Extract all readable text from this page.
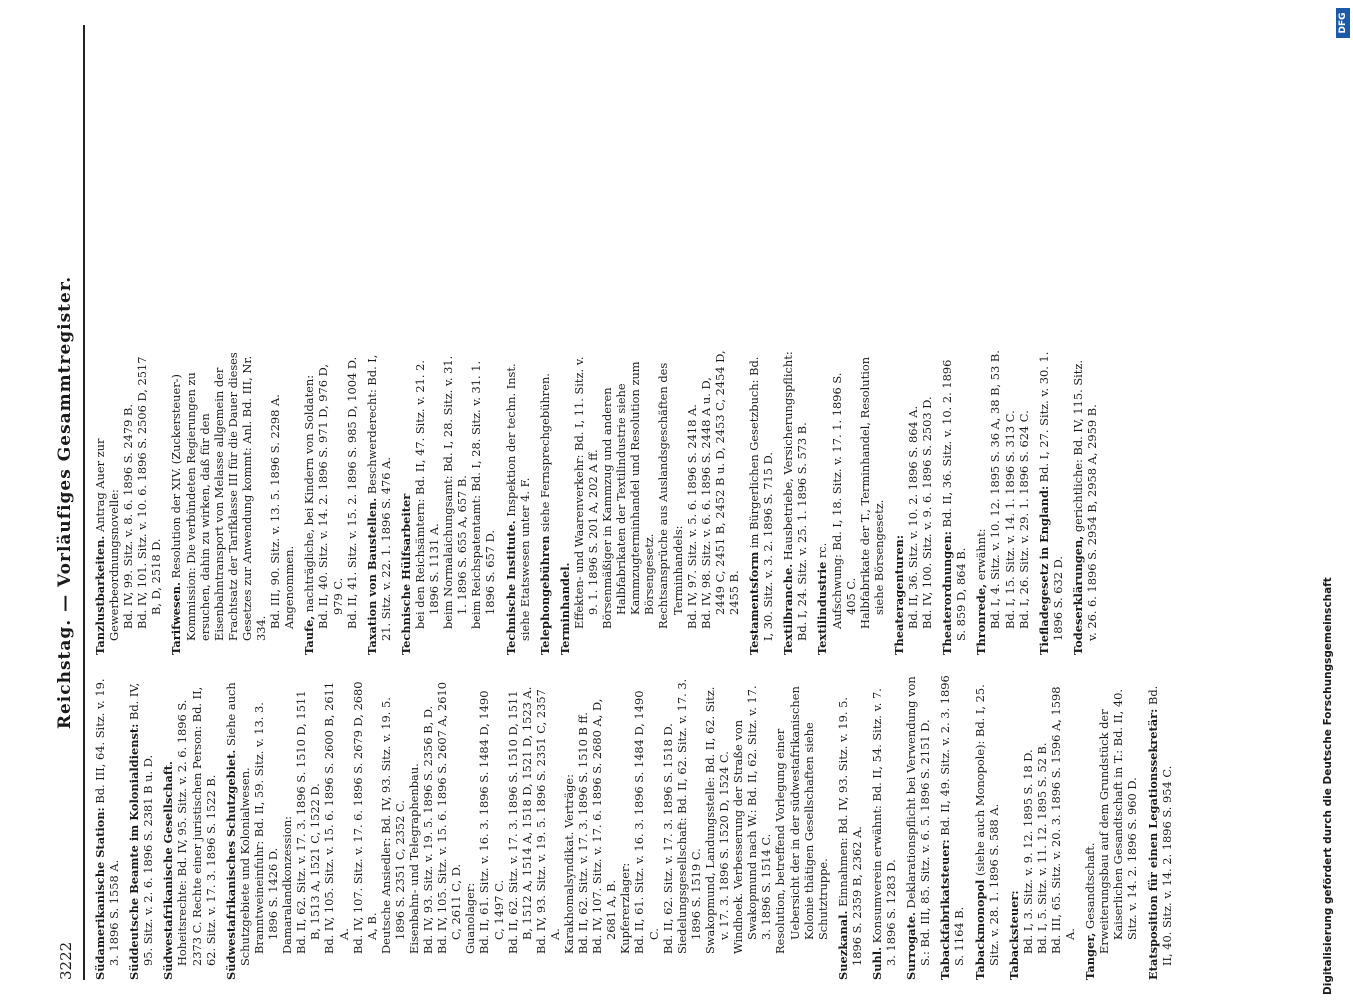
3222
Reichstag. — Vorläufiges Gesammtregister.

Südamerikanische Station: Bd. III, 64. Sitz. v. 19. 3. 1896 S. 1558 A. Süddeutsche Beamte im Kolonialdienst: Bd. IV, 95. Sitz. v. 2. 6. 1896 S. 2381 B u. D. Südwestafrikanische Gesellschaft. Hoheitsrechte: Bd. IV, 95. Sitz. v. 2. 6. 1896 S. 2373 C. Rechte einer juristischen Person: Bd. II, 62. Sitz. v. 17. 3. 1896 S. 1522 B. Südwestafrikanisches Schutzgebiet. Siehe auch Schutzgebiete und Kolonialwesen. Branntweineinfuhr: Bd. II, 59. Sitz. v. 13. 3. 1896 S. 1426 D. Damaralandkonzession: Bd. II, 62. Sitz. v. 17. 3. 1896 S. 1510 D, 1511 B, 1513 A, 1521 C, 1522 D. Bd. IV, 105. Sitz. v. 15. 6. 1896 S. 2600 B, 2611 A. Bd. IV, 107. Sitz. v. 17. 6. 1896 S. 2679 D, 2680 A, B. Deutsche Ansiedler: Bd. IV, 93. Sitz. v. 19. 5. 1896 S. 2351 C, 2352 C. Eisenbahn- und Telegraphenbau. Bd. IV, 93. Sitz. v. 19. 5. 1896 S. 2356 B, D. Bd. IV, 105. Sitz. v. 15. 6. 1896 S. 2607 A, 2610 C, 2611 C, D. Guanolager: Bd. II, 61. Sitz. v. 16. 3. 1896 S. 1484 D, 1490 C, 1497 C. Bd. II, 62. Sitz. v. 17. 3. 1896 S. 1510 D, 1511 B, 1512 A, 1514 A, 1518 D, 1521 D, 1523 A. Bd. IV, 93. Sitz. v. 19. 5. 1896 S. 2351 C, 2357 A. Karakhomalsyndikat. Verträge: Bd. II, 62. Sitz. v. 17. 3. 1896 S. 1510 B ff. Bd. IV, 107. Sitz. v. 17. 6. 1896 S. 2680 A, D, 2681 A, B. Kupfererzlager: Bd. II, 61. Sitz. v. 16. 3. 1896 S. 1484 D, 1490 C. Bd. II, 62. Sitz. v. 17. 3. 1896 S. 1518 D. Siedelungsgesellschaft: Bd. II, 62. Sitz. v. 17. 3. 1896 S. 1519 C. Swakopmund, Landungsstelle: Bd. II, 62. Sitz. v. 17. 3. 1896 S. 1520 D, 1524 C. Windhoek. Verbesserung der Straße von Swakopmund nach W.: Bd. II, 62. Sitz. v. 17. 3. 1896 S. 1514 C. Resolution, betreffend Vorlegung einer Uebersicht der in der südwestafrikanischen Kolonie thätigen Gesellschaften siehe Schutztruppe.

Suezkanal. Einnahmen: Bd. IV, 93. Sitz. v. 19. 5. 1896 S. 2359 B, 2362 A. Suhl. Konsumverein erwähnt: Bd. II, 54. Sitz. v. 7. 3. 1896 S. 1283 D. Surrogate. Deklarationspflicht bei Verwendung von S.: Bd. III, 85. Sitz. v. 6. 5. 1896 S. 2151 D. Tabackfabrikatsteuer: Bd. II, 49. Sitz. v. 2. 3. 1896 S. 1164 B. Tabackmonopol (siehe auch Monopole): Bd. I, 25. Sitz. v. 28. 1. 1896 S. 588 A. Tabacksteuer: Bd. I, 3. Sitz. v. 9. 12. 1895 S. 18 D. Bd. I, 5. Sitz. v. 11. 12. 1895 S. 52 B. Bd. III, 65. Sitz. v. 20. 3. 1896 S. 1596 A, 1598 A. Tanger, Gesandtschaft. Erweiterungsbau auf dem Grundstück der Kaiserlichen Gesandtschaft in T.: Bd. II, 40. Sitz. v. 14. 2. 1896 S. 960 D. Etatsposition für einen Legationssekretär: Bd. II, 40. Sitz. v. 14. 2. 1896 S. 954 C.

Tanzlustbarkeiten. Antrag Auer zur Gewerbeordnungsnovelle: Bd. IV, 99. Sitz. v. 8. 6. 1896 S. 2479 B. Bd. IV, 101. Sitz. v. 10. 6. 1896 S. 2506 D, 2517 B, D, 2518 D.

Tarifwesen. Resolution der XIV. (Zuckersteuer-) Kommission: Die verbündeten Regierungen zu ersuchen, dahin zu wirken, daß für den Eisenbahntransport von Melasse allgemein der Frachtsatz der Tarifklasse III für die Dauer dieses Gesetzes zur Anwendung kommt: Anl. Bd. III, Nr. 334. Bd. III, 90. Sitz. v. 13. 5. 1896 S. 2298 A. Angenommen.

Taufe, nachträgliche, bei Kindern von Soldaten: Bd. II, 40. Sitz. v. 14. 2. 1896 S. 971 D, 976 D, 979 C. Bd. II, 41. Sitz. v. 15. 2. 1896 S. 985 D, 1004 D. Taxation von Baustellen. Beschwerderecht: Bd. I, 21. Sitz. v. 22. 1. 1896 S. 476 A. Technische Hülfsarbeiter bei den Reichsämtern: Bd. II, 47. Sitz. v. 21. 2. 1896 S. 1131 A. beim Normalaichungsamt: Bd. I, 28. Sitz. v. 31. 1. 1896 S. 655 A, 657 B. beim Reichspatentamt: Bd. I, 28. Sitz. v. 31. 1. 1896 S. 657 D. Technische Institute. Inspektion der techn. Inst. siehe Etatswesen unter 4. F. Telephongebühren siehe Fernsprechgebühren.

Terminhandel. Effekten- und Waarenverkehr: Bd. I, 11. Sitz. v. 9. 1. 1896 S. 201 A, 202 A ff. Börsenmäßiger in Kammzug und anderen Halbfabrikaten der Textilindustrie siehe Kammzugterminhandel und Resolution zum Börsengesetz. Rechtsansprüche aus Auslandsgeschäften des Terminhandels: Bd. IV, 97. Sitz. v. 5. 6. 1896 S. 2418 A. Bd. IV, 98. Sitz. v. 6. 6. 1896 S. 2448 A u. D, 2449 C, 2451 B, 2452 B u. D, 2453 C, 2454 D, 2455 B. Testamentsform im Bürgerlichen Gesetzbuch: Bd. I, 30. Sitz. v. 3. 2. 1896 S. 715 D. Textilbranche. Hausbetriebe, Versicherungspflicht: Bd. I, 24. Sitz. v. 25. 1. 1896 S. 573 B. Textilindustrie rc. Aufschwung: Bd. I, 18. Sitz. v. 17. 1. 1896 S. 405 C. Halbfabrikate der T., Terminhandel, Resolution siehe Börsengesetz. Theateragenturen: Bd. II, 36. Sitz. v. 10. 2. 1896 S. 864 A. Bd. IV, 100. Sitz. v. 9. 6. 1896 S. 2503 D. Theaterordnungen: Bd. II, 36. Sitz. v. 10. 2. 1896 S. 859 D, 864 B. Thronrede, erwähnt: Bd. I, 4. Sitz. v. 10. 12. 1895 S. 36 A, 38 B, 53 B. Bd. I, 15. Sitz. v. 14. 1. 1896 S. 313 C. Bd. I, 26. Sitz. v. 29. 1. 1896 S. 624 C. Tiefladegesetz in England: Bd. I, 27. Sitz. v. 30. 1. 1896 S. 632 D. Todeserklärungen, gerichtliche: Bd. IV, 115. Sitz. v. 26. 6. 1896 S. 2954 B, 2958 A, 2959 B.

Digitalisierung gefördert durch die Deutsche Forschungsgemeinschaft
DFG
